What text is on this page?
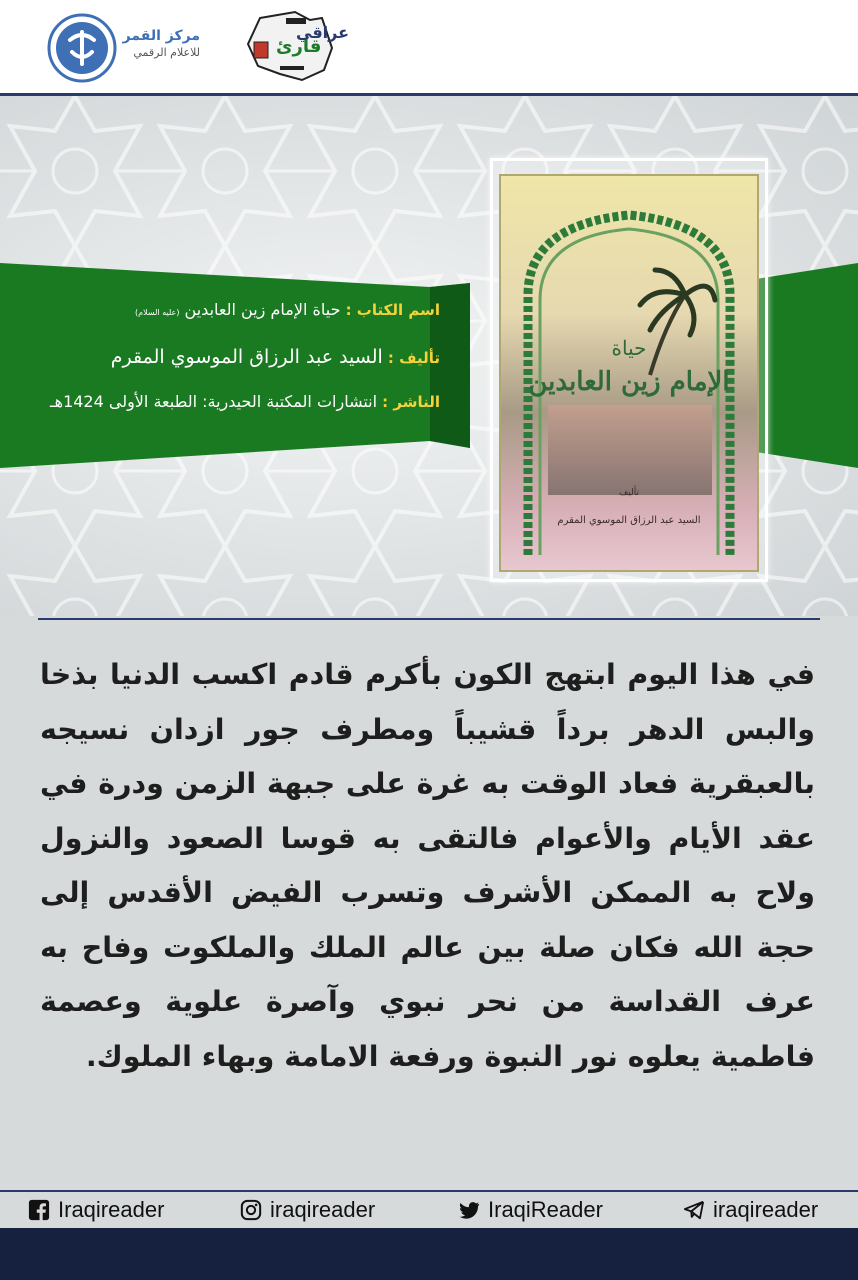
مركز القمر
للاعلام الرقمي	قارئ
عراقي
اسم الكتاب : حياة الإمام زين العابدين (عليه السلام)
تأليف : السيد عبد الرزاق الموسوي المقرم
الناشر : انتشارات المكتبة الحيدرية: الطبعة الأولى 1424هـ
حياة
الإمام زين العابدين
تأليف
السيد عبد الرزاق الموسوي المقرم
في هذا اليوم ابتهج الكون بأكرم قادم اكسب الدنيا بذخا والبس الدهر برداً قشيباً ومطرف جور ازدان نسيجه بالعبقرية فعاد الوقت به غرة على جبهة الزمن ودرة في عقد الأيام والأعوام فالتقى به قوسا الصعود والنزول ولاح به الممكن الأشرف وتسرب الفيض الأقدس إلى حجة الله فكان صلة بين عالم الملك والملكوت وفاح به عرف القداسة من نحر نبوي وآصرة علوية وعصمة فاطمية يعلوه نور النبوة ورفعة الامامة وبهاء الملوك.
Iraqireader	iraqireader	IraqiReader	iraqireader
